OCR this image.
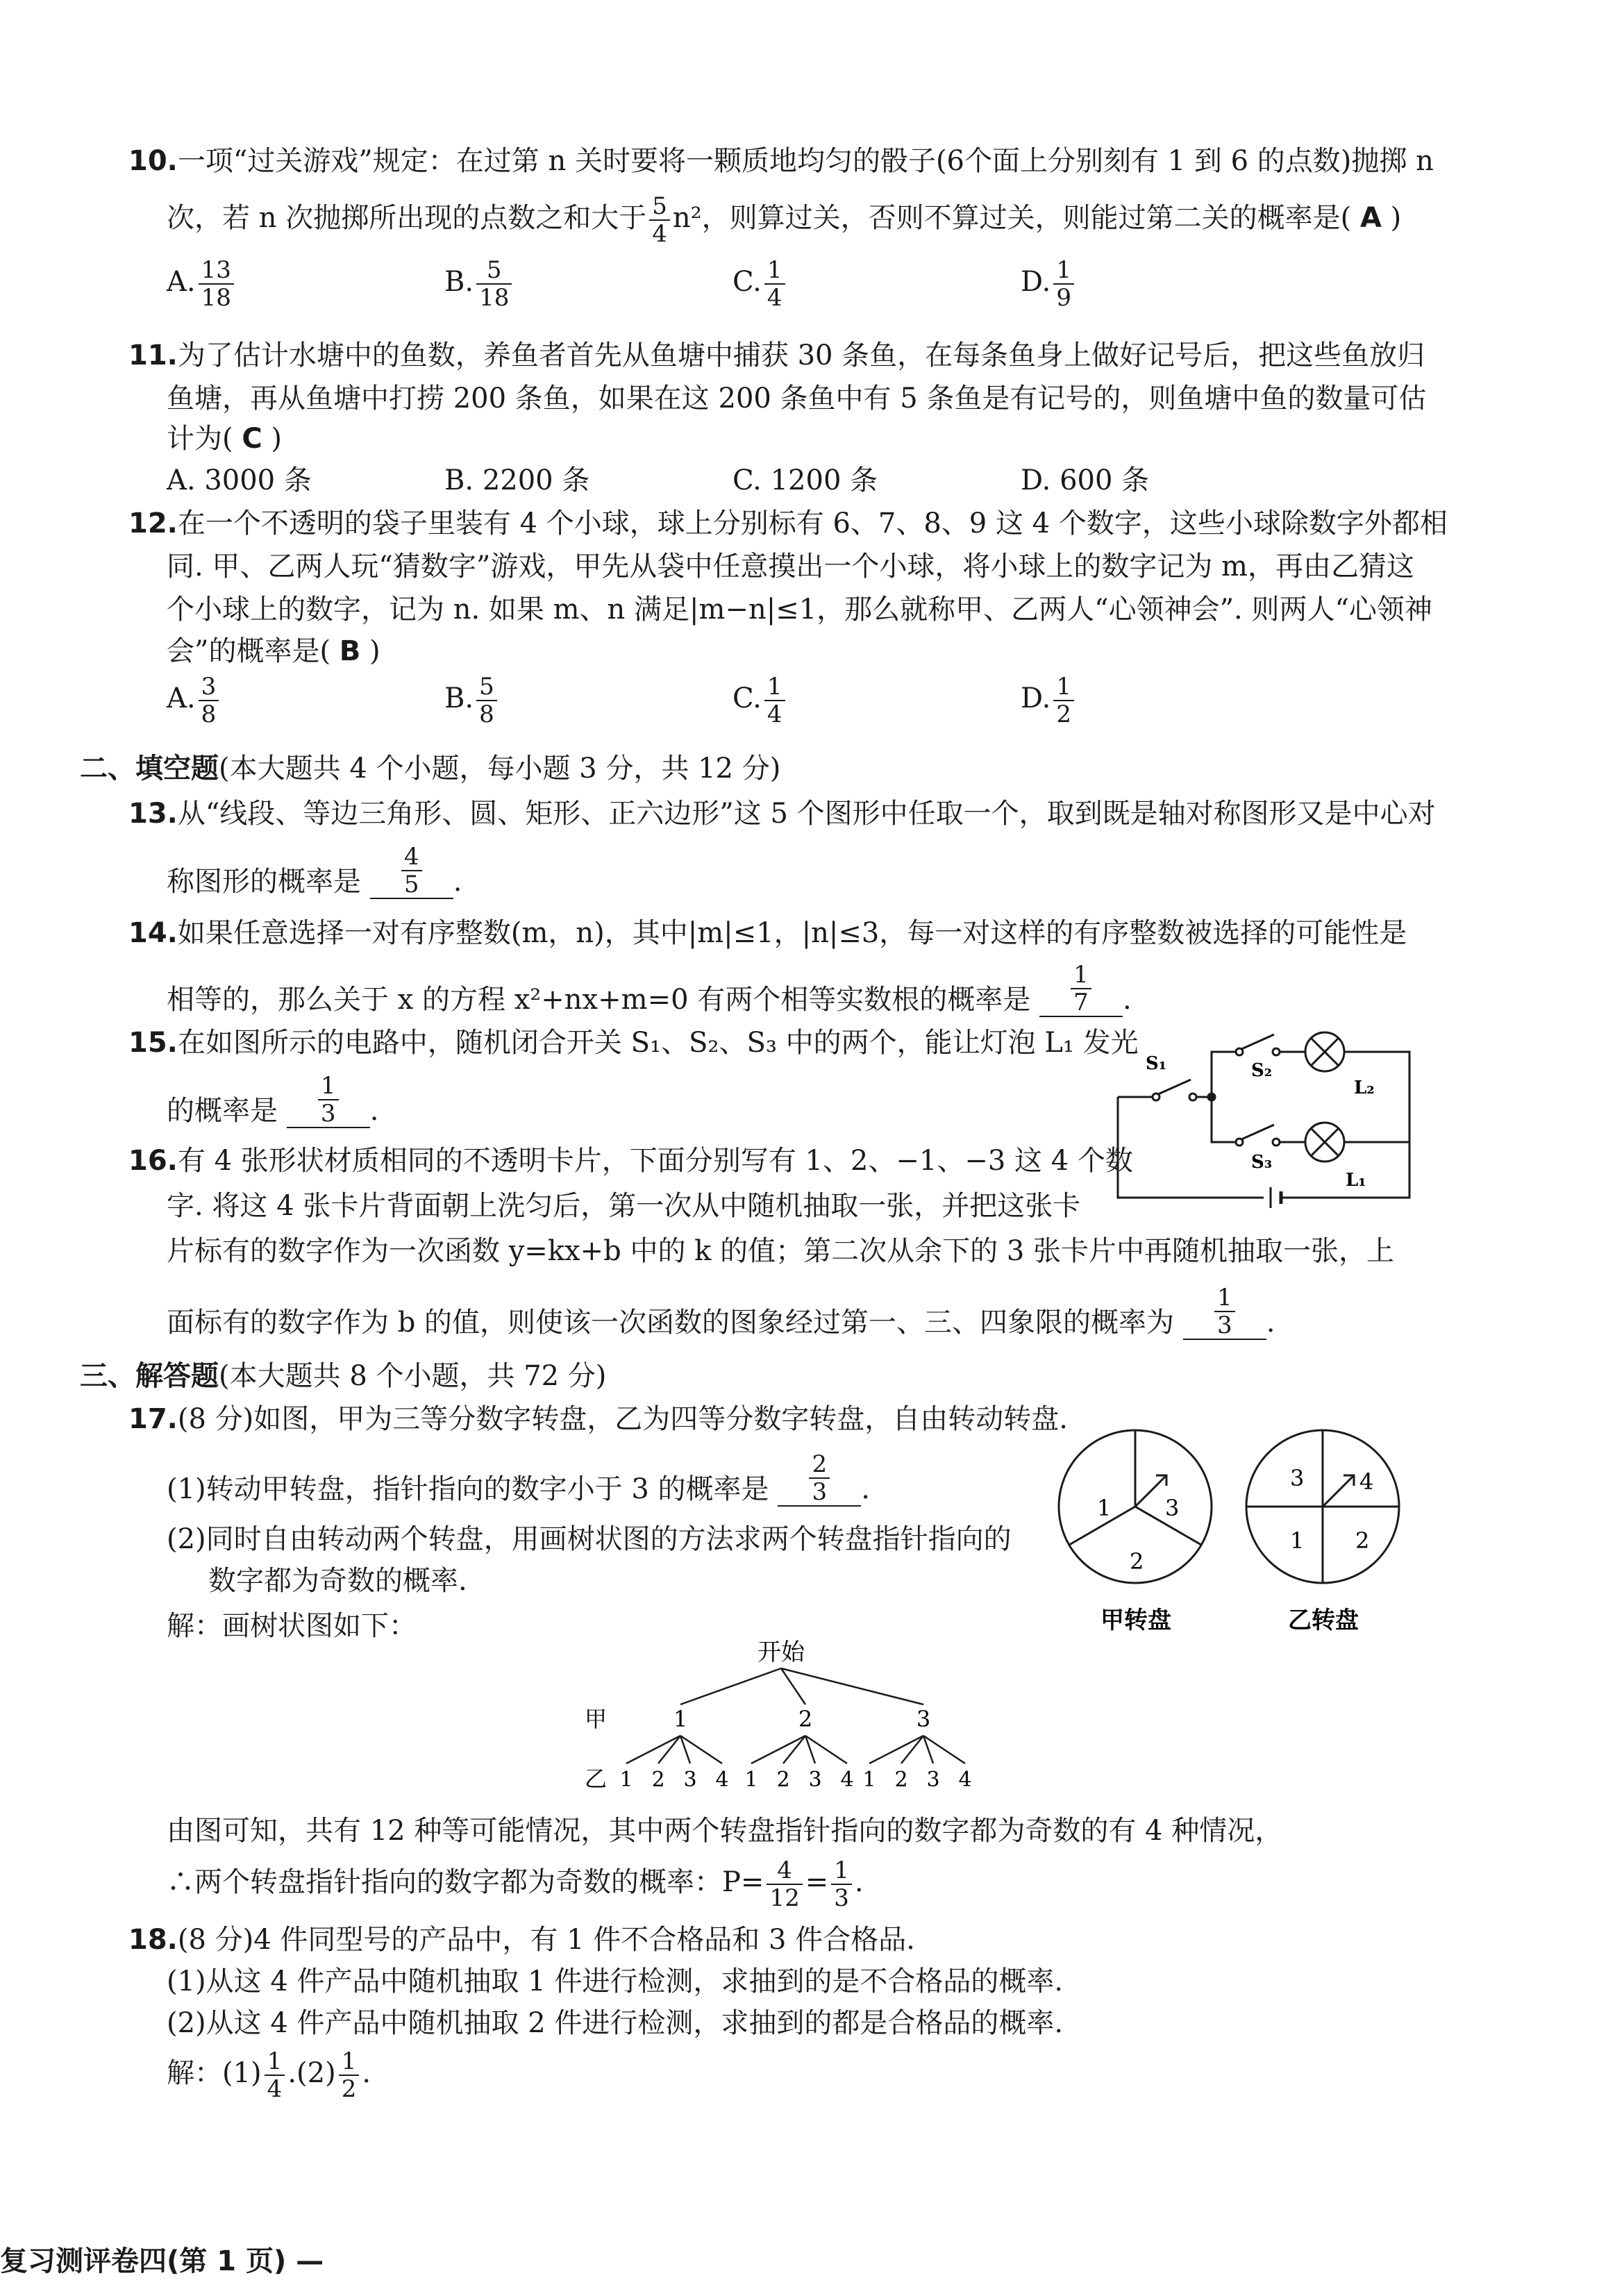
10.一项“过关游戏”规定：在过第 n 关时要将一颗质地均匀的骰子(6个面上分别刻有 1 到 6 的点数)抛掷 n
次，若 n 次抛掷所出现的点数之和大于 $\frac{5}{4} n^2$，则算过关，否则不算过关，则能过第二关的概率是( A )
A. $\frac{13}{18}$	B. $\frac{5}{18}$	C. $\frac{1}{4}$	D. $\frac{1}{9}$
11.为了估计水塘中的鱼数，养鱼者首先从鱼塘中捕获 30 条鱼，在每条鱼身上做好记号后，把这些鱼放归
鱼塘，再从鱼塘中打捞 200 条鱼，如果在这 200 条鱼中有 5 条鱼是有记号的，则鱼塘中鱼的数量可估
计为( C )
A. 3000 条	B. 2200 条	C. 1200 条	D. 600 条
12.在一个不透明的袋子里装有 4 个小球，球上分别标有 6、7、8、9 这 4 个数字，这些小球除数字外都相
同. 甲、乙两人玩“猜数字”游戏，甲先从袋中任意摸出一个小球，将小球上的数字记为 m，再由乙猜这
个小球上的数字，记为 n. 如果 m、n 满足|m−n|≤1，那么就称甲、乙两人“心领神会”. 则两人“心领神
会”的概率是( B )
A. $\frac{3}{8}$	B. $\frac{5}{8}$	C. $\frac{1}{4}$	D. $\frac{1}{2}$
二、填空题(本大题共 4 个小题，每小题 3 分，共 12 分)
13.从“线段、等边三角形、圆、矩形、正六边形”这 5 个图形中任取一个，取到既是轴对称图形又是中心对
称图形的概率是 $\frac{4}{5}$ .
14.如果任意选择一对有序整数(m，n)，其中|m|≤1，|n|≤3，每一对这样的有序整数被选择的可能性是
相等的，那么关于 x 的方程 x²+nx+m=0 有两个相等实数根的概率是 $\frac{1}{7}$ .
15.在如图所示的电路中，随机闭合开关 S₁、S₂、S₃ 中的两个，能让灯泡 L₁ 发光
的概率是 $\frac{1}{3}$ .
S₁	S₂
S₃
L₂
L₁
16.有 4 张形状材质相同的不透明卡片，下面分别写有 1、2、−1、−3 这 4 个数
字. 将这 4 张卡片背面朝上洗匀后，第一次从中随机抽取一张，并把这张卡
片标有的数字作为一次函数 y=kx+b 中的 k 的值；第二次从余下的 3 张卡片中再随机抽取一张，上
面标有的数字作为 b 的值，则使该一次函数的图象经过第一、三、四象限的概率为 $\frac{1}{3}$ .
三、解答题(本大题共 8 个小题，共 72 分)
17.(8 分)如图，甲为三等分数字转盘，乙为四等分数字转盘，自由转动转盘.
(1)转动甲转盘，指针指向的数字小于 3 的概率是 $\frac{2}{3}$ .
(2)同时自由转动两个转盘，用画树状图的方法求两个转盘指针指向的
数字都为奇数的概率.
解：画树状图如下：
1 3
2
3 4
1 2
甲转盘	乙转盘
开始
甲	1	2	3
乙 1 2 3 4 1 2 3 4 1 2 3 4
由图可知，共有 12 种等可能情况，其中两个转盘指针指向的数字都为奇数的有 4 种情况，
∴两个转盘指针指向的数字都为奇数的概率：$P= \frac{4}{12} = \frac{1}{3}$ .
18.(8 分)4 件同型号的产品中，有 1 件不合格品和 3 件合格品.
(1)从这 4 件产品中随机抽取 1 件进行检测，求抽到的是不合格品的概率.
(2)从这 4 件产品中随机抽取 2 件进行检测，求抽到的都是合格品的概率.
解：$(1) \frac{1}{4} .(2) \frac{1}{2}$ .
复习测评卷四(第 1 页) —
